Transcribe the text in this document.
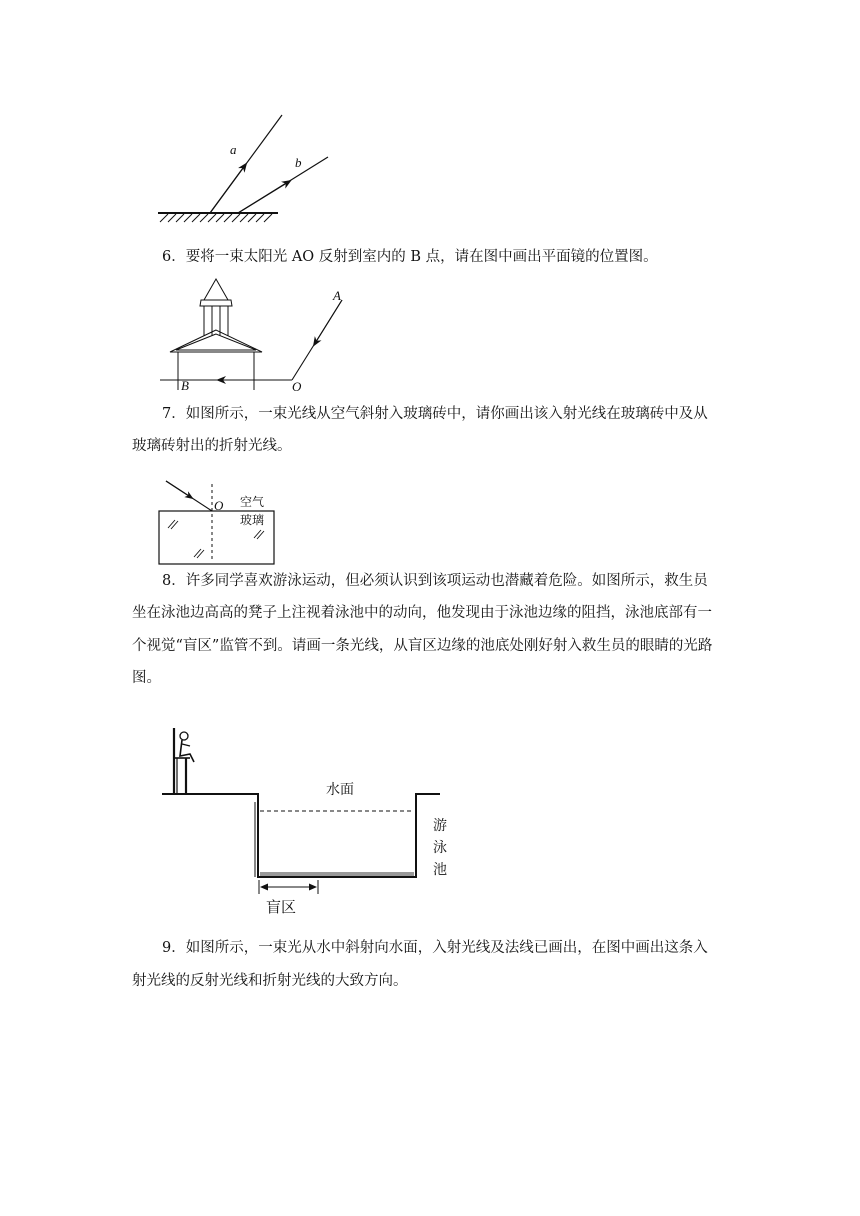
a
b

6．要将一束太阳光 AO 反射到室内的 B 点，请在图中画出平面镜的位置图。

A
O
B

7．如图所示，一束光线从空气斜射入玻璃砖中，请你画出该入射光线在玻璃砖中及从

玻璃砖射出的折射光线。

O 空气
玻璃

8．许多同学喜欢游泳运动，但必须认识到该项运动也潜藏着危险。如图所示，救生员

坐在泳池边高高的凳子上注视着泳池中的动向，他发现由于泳池边缘的阻挡，泳池底部有一

个视觉“盲区”监管不到。请画一条光线，从盲区边缘的池底处刚好射入救生员的眼睛的光路

图。

水面
游
泳
池
盲区

9．如图所示，一束光从水中斜射向水面，入射光线及法线已画出，在图中画出这条入

射光线的反射光线和折射光线的大致方向。
